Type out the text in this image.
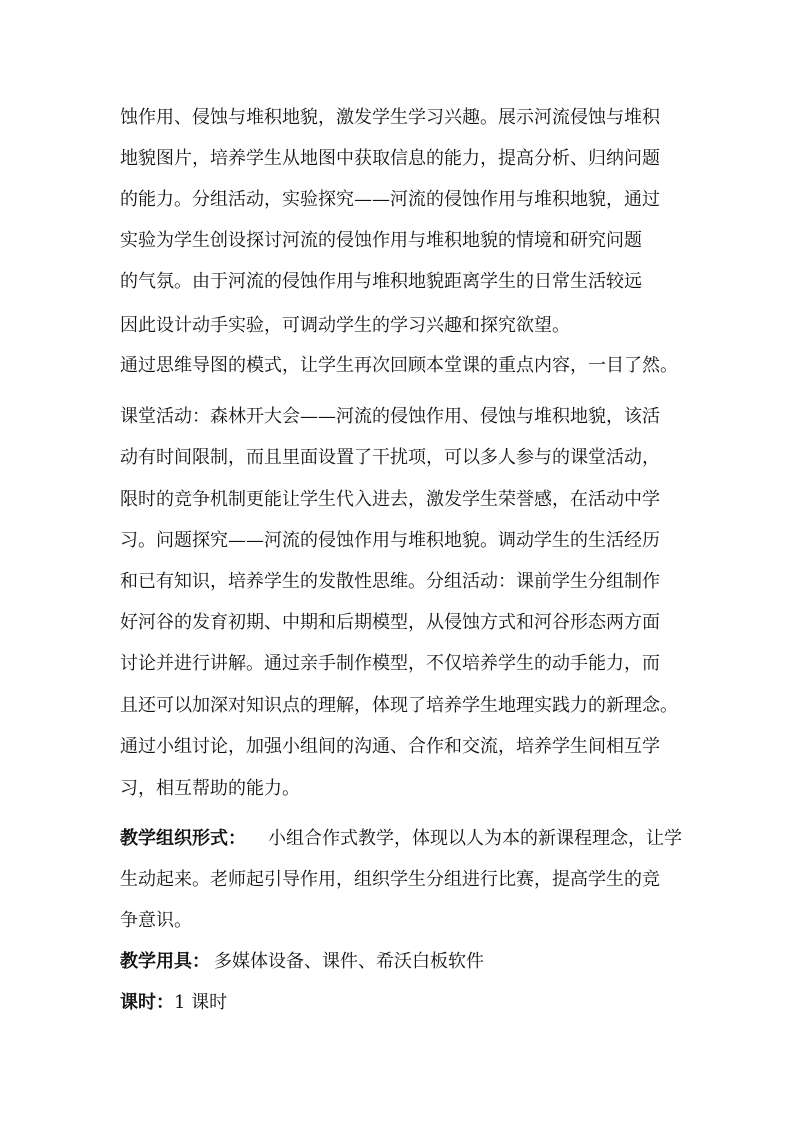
蚀作用、侵蚀与堆积地貌，激发学生学习兴趣。展示河流侵蚀与堆积
地貌图片，培养学生从地图中获取信息的能力，提高分析、归纳问题
的能力。分组活动，实验探究——河流的侵蚀作用与堆积地貌，通过
实验为学生创设探讨河流的侵蚀作用与堆积地貌的情境和研究问题
的气氛。由于河流的侵蚀作用与堆积地貌距离学生的日常生活较远
因此设计动手实验，可调动学生的学习兴趣和探究欲望。
通过思维导图的模式，让学生再次回顾本堂课的重点内容，一目了然。
课堂活动：森林开大会——河流的侵蚀作用、侵蚀与堆积地貌，该活
动有时间限制，而且里面设置了干扰项，可以多人参与的课堂活动，
限时的竞争机制更能让学生代入进去，激发学生荣誉感，在活动中学
习。问题探究——河流的侵蚀作用与堆积地貌。调动学生的生活经历
和已有知识，培养学生的发散性思维。分组活动：课前学生分组制作
好河谷的发育初期、中期和后期模型，从侵蚀方式和河谷形态两方面
讨论并进行讲解。通过亲手制作模型，不仅培养学生的动手能力，而
且还可以加深对知识点的理解，体现了培养学生地理实践力的新理念。
通过小组讨论，加强小组间的沟通、合作和交流，培养学生间相互学
习，相互帮助的能力。
教学组织形式： 小组合作式教学，体现以人为本的新课程理念，让学
生动起来。老师起引导作用，组织学生分组进行比赛，提高学生的竞
争意识。
教学用具： 多媒体设备、课件、希沃白板软件
课时： 1 课时
